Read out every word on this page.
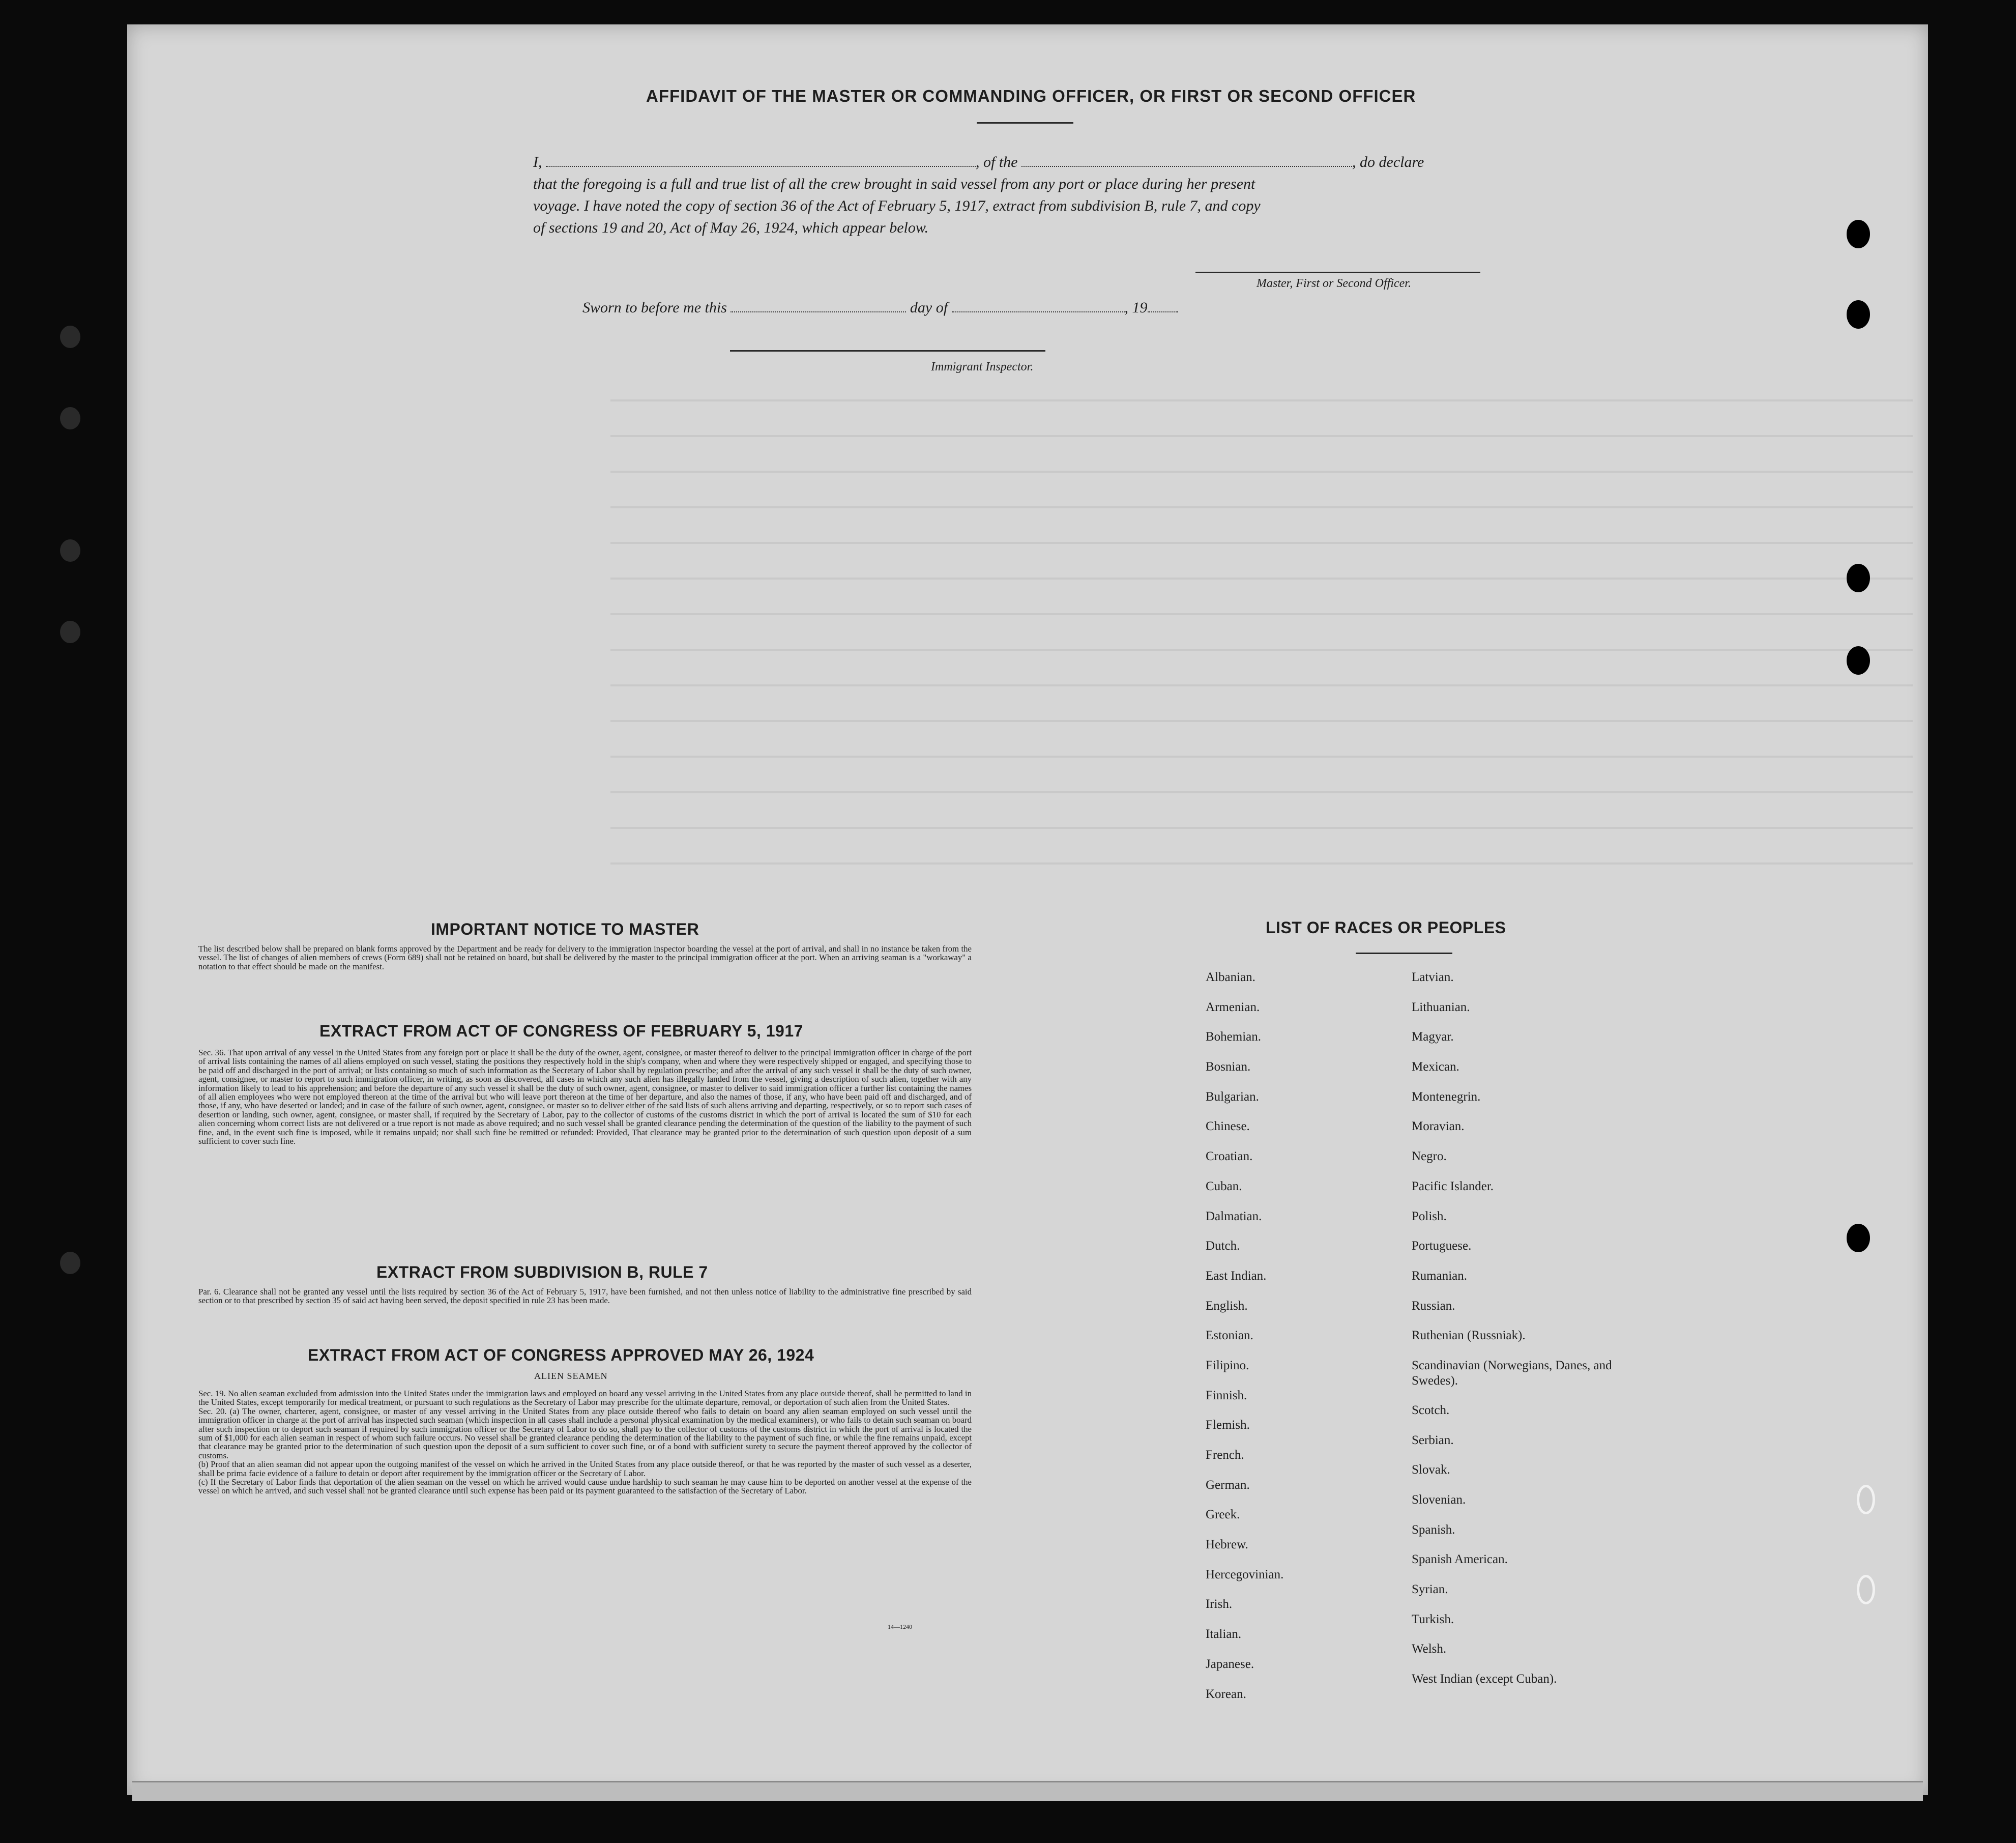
AFFIDAVIT OF THE MASTER OR COMMANDING OFFICER, OR FIRST OR SECOND OFFICER
I,	, of the	, do declare
that the foregoing is a full and true list of all the crew brought in said vessel from any port or place during her present
voyage. I have noted the copy of section 36 of the Act of February 5, 1917, extract from subdivision B, rule 7, and copy
of sections 19 and 20, Act of May 26, 1924, which appear below.
Master, First or Second Officer.
Sworn to before me this	day of	, 19
Immigrant Inspector.
IMPORTANT NOTICE TO MASTER
The list described below shall be prepared on blank forms approved by the Department and be ready for delivery to the immigration inspector boarding the vessel at the port of arrival, and shall in no instance be taken from the vessel. The list of changes of alien members of crews (Form 689) shall not be retained on board, but shall be delivered by the master to the principal immigration officer at the port. When an arriving seaman is a "workaway" a notation to that effect should be made on the manifest.
EXTRACT FROM ACT OF CONGRESS OF FEBRUARY 5, 1917
Sec. 36. That upon arrival of any vessel in the United States from any foreign port or place it shall be the duty of the owner, agent, consignee, or master thereof to deliver to the principal immigration officer in charge of the port of arrival lists containing the names of all aliens employed on such vessel, stating the positions they respectively hold in the ship's company, when and where they were respectively shipped or engaged, and specifying those to be paid off and discharged in the port of arrival; or lists containing so much of such information as the Secretary of Labor shall by regulation prescribe; and after the arrival of any such vessel it shall be the duty of such owner, agent, consignee, or master to report to such immigration officer, in writing, as soon as discovered, all cases in which any such alien has illegally landed from the vessel, giving a description of such alien, together with any information likely to lead to his apprehension; and before the departure of any such vessel it shall be the duty of such owner, agent, consignee, or master to deliver to said immigration officer a further list containing the names of all alien employees who were not employed thereon at the time of the arrival but who will leave port thereon at the time of her departure, and also the names of those, if any, who have been paid off and discharged, and of those, if any, who have deserted or landed; and in case of the failure of such owner, agent, consignee, or master so to deliver either of the said lists of such aliens arriving and departing, respectively, or so to report such cases of desertion or landing, such owner, agent, consignee, or master shall, if required by the Secretary of Labor, pay to the collector of customs of the customs district in which the port of arrival is located the sum of $10 for each alien concerning whom correct lists are not delivered or a true report is not made as above required; and no such vessel shall be granted clearance pending the determination of the question of the liability to the payment of such fine, and, in the event such fine is imposed, while it remains unpaid; nor shall such fine be remitted or refunded: Provided, That clearance may be granted prior to the determination of such question upon deposit of a sum sufficient to cover such fine.
EXTRACT FROM SUBDIVISION B, RULE 7
Par. 6. Clearance shall not be granted any vessel until the lists required by section 36 of the Act of February 5, 1917, have been furnished, and not then unless notice of liability to the administrative fine prescribed by said section or to that prescribed by section 35 of said act having been served, the deposit specified in rule 23 has been made.
EXTRACT FROM ACT OF CONGRESS APPROVED MAY 26, 1924
ALIEN SEAMEN
Sec. 19. No alien seaman excluded from admission into the United States under the immigration laws and employed on board any vessel arriving in the United States from any place outside thereof, shall be permitted to land in the United States, except temporarily for medical treatment, or pursuant to such regulations as the Secretary of Labor may prescribe for the ultimate departure, removal, or deportation of such alien from the United States.
Sec. 20. (a) The owner, charterer, agent, consignee, or master of any vessel arriving in the United States from any place outside thereof who fails to detain on board any alien seaman employed on such vessel until the immigration officer in charge at the port of arrival has inspected such seaman (which inspection in all cases shall include a personal physical examination by the medical examiners), or who fails to detain such seaman on board after such inspection or to deport such seaman if required by such immigration officer or the Secretary of Labor to do so, shall pay to the collector of customs of the customs district in which the port of arrival is located the sum of $1,000 for each alien seaman in respect of whom such failure occurs. No vessel shall be granted clearance pending the determination of the liability to the payment of such fine, or while the fine remains unpaid, except that clearance may be granted prior to the determination of such question upon the deposit of a sum sufficient to cover such fine, or of a bond with sufficient surety to secure the payment thereof approved by the collector of customs.
(b) Proof that an alien seaman did not appear upon the outgoing manifest of the vessel on which he arrived in the United States from any place outside thereof, or that he was reported by the master of such vessel as a deserter, shall be prima facie evidence of a failure to detain or deport after requirement by the immigration officer or the Secretary of Labor.
(c) If the Secretary of Labor finds that deportation of the alien seaman on the vessel on which he arrived would cause undue hardship to such seaman he may cause him to be deported on another vessel at the expense of the vessel on which he arrived, and such vessel shall not be granted clearance until such expense has been paid or its payment guaranteed to the satisfaction of the Secretary of Labor.
14—1240
LIST OF RACES OR PEOPLES
Albanian.
Armenian.
Bohemian.
Bosnian.
Bulgarian.
Chinese.
Croatian.
Cuban.
Dalmatian.
Dutch.
East Indian.
English.
Estonian.
Filipino.
Finnish.
Flemish.
French.
German.
Greek.
Hebrew.
Hercegovinian.
Irish.
Italian.
Japanese.
Korean.
Latvian.
Lithuanian.
Magyar.
Mexican.
Montenegrin.
Moravian.
Negro.
Pacific Islander.
Polish.
Portuguese.
Rumanian.
Russian.
Ruthenian (Russniak).
Scandinavian (Norwegians, Danes, and Swedes).
Scotch.
Serbian.
Slovak.
Slovenian.
Spanish.
Spanish American.
Syrian.
Turkish.
Welsh.
West Indian (except Cuban).
